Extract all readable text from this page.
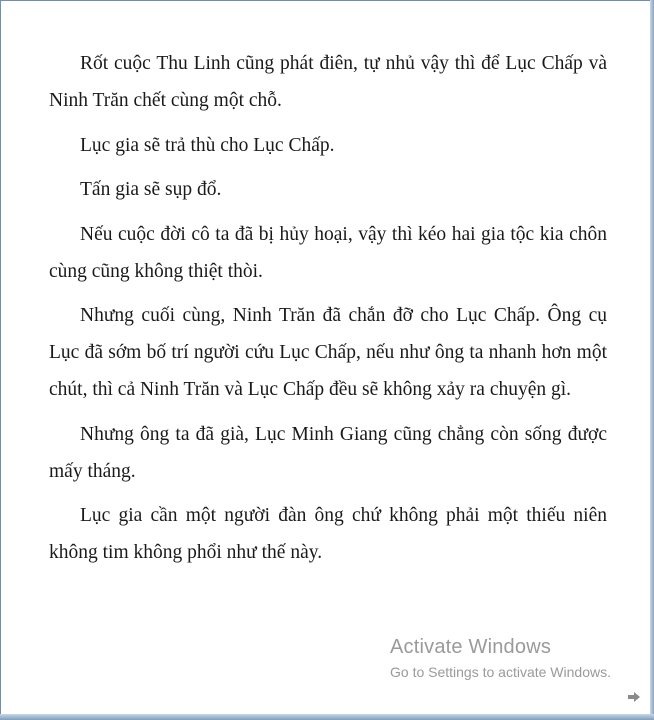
Rốt cuộc Thu Linh cũng phát điên, tự nhủ vậy thì để Lục Chấp và Ninh Trăn chết cùng một chỗ.

Lục gia sẽ trả thù cho Lục Chấp.

Tấn gia sẽ sụp đổ.

Nếu cuộc đời cô ta đã bị hủy hoại, vậy thì kéo hai gia tộc kia chôn cùng cũng không thiệt thòi.

Nhưng cuối cùng, Ninh Trăn đã chắn đỡ cho Lục Chấp. Ông cụ Lục đã sớm bố trí người cứu Lục Chấp, nếu như ông ta nhanh hơn một chút, thì cả Ninh Trăn và Lục Chấp đều sẽ không xảy ra chuyện gì.

Nhưng ông ta đã già, Lục Minh Giang cũng chẳng còn sống được mấy tháng.

Lục gia cần một người đàn ông chứ không phải một thiếu niên không tim không phổi như thế này.

Activate Windows
Go to Settings to activate Windows.
